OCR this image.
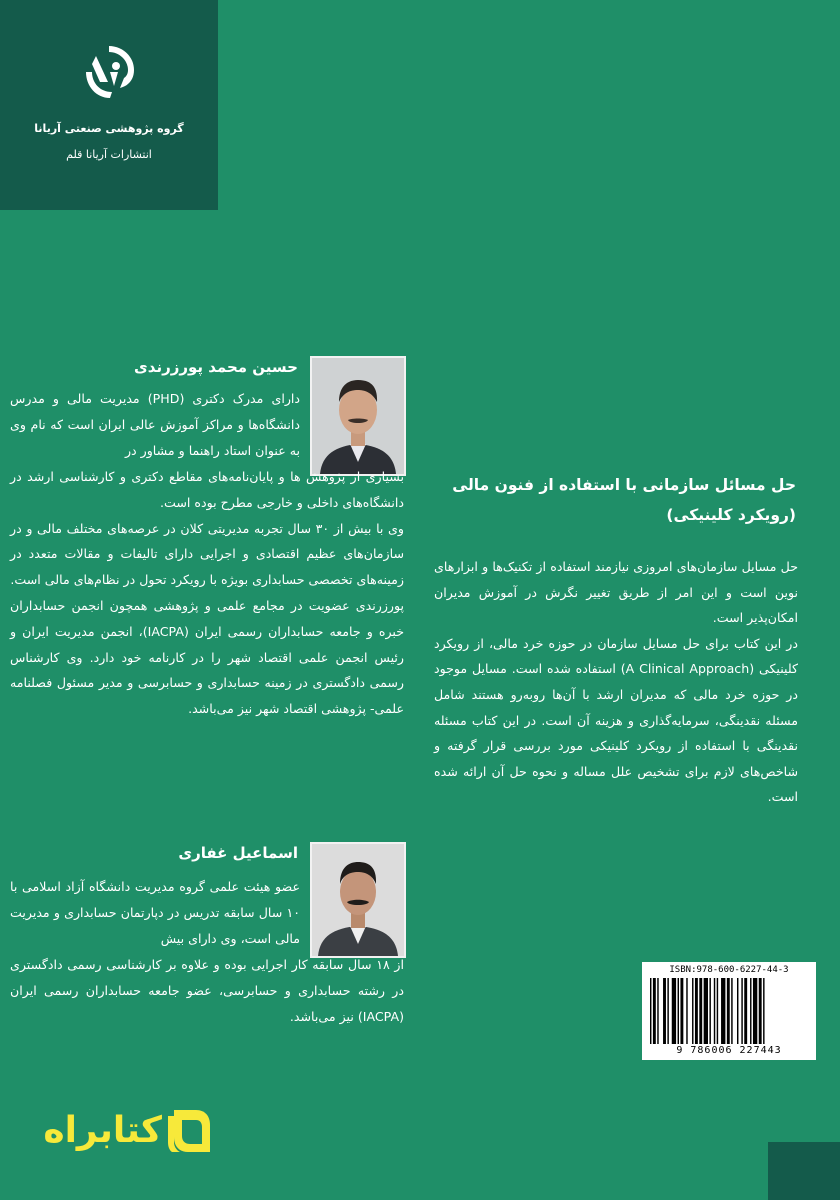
گروه پژوهشی صنعتی آریانا
انتشارات آریانا قلم
حسین محمد پورزرندی
دارای مدرک دکتری (PHD) مدیریت مالی و مدرس دانشگاه‌ها و مراکز آموزش عالی ایران است که نام وی به عنوان استاد راهنما و مشاور در

بسیاری از پژوهش ها و پایان‌نامه‌های مقاطع دکتری و کارشناسی ارشد در دانشگاه‌های داخلی و خارجی مطرح بوده است.

وی با بیش از ۳۰ سال تجربه مدیریتی کلان در عرصه‌های مختلف مالی و در سازمان‌های عظیم اقتصادی و اجرایی دارای تالیفات و مقالات متعدد در زمینه‌های تخصصی حسابداری بویژه با رویکرد تحول در نظام‌های مالی است.

پورزرندی عضویت در مجامع علمی و پژوهشی همچون انجمن حسابداران خبره و جامعه حسابداران رسمی ایران (IACPA)، انجمن مدیریت ایران و رئیس انجمن علمی اقتصاد شهر را در کارنامه خود دارد. وی کارشناس رسمی دادگستری در زمینه حسابداری و حسابرسی و مدیر مسئول فصلنامه علمی- پژوهشی اقتصاد شهر نیز می‌باشد.

اسماعیل غفاری
عضو هیئت علمی گروه مدیریت دانشگاه آزاد اسلامی با ۱۰ سال سابقه تدریس در دپارتمان حسابداری و مدیریت مالی است، وی دارای بیش
از ۱۸ سال سابقه کار اجرایی بوده و علاوه بر کارشناسی رسمی دادگستری در رشته حسابداری و حسابرسی، عضو جامعه حسابداران رسمی ایران (IACPA) نیز می‌باشد.
حل مسائل سازمانی با استفاده از فنون مالی
(رویکرد کلینیکی)

حل مسایل سازمان‌های امروزی نیازمند استفاده از تکنیک‌ها و ابزارهای نوین است و این امر از طریق تغییر نگرش در آموزش مدیران امکان‌پذیر است.

در این کتاب برای حل مسایل سازمان در حوزه خرد مالی، از رویکرد کلینیکی (A Clinical Approach) استفاده شده است. مسایل موجود در حوزه خرد مالی که مدیران ارشد با آن‌ها روبه‌رو هستند شامل مسئله نقدینگی، سرمایه‌گذاری و هزینه آن است. در این کتاب مسئله نقدینگی با استفاده از رویکرد کلینیکی مورد بررسی قرار گرفته و شاخص‌های لازم برای تشخیص علل مساله و نحوه حل آن ارائه شده است.

ISBN:978-600-6227-44-3
9 786006 227443
کتابراه
